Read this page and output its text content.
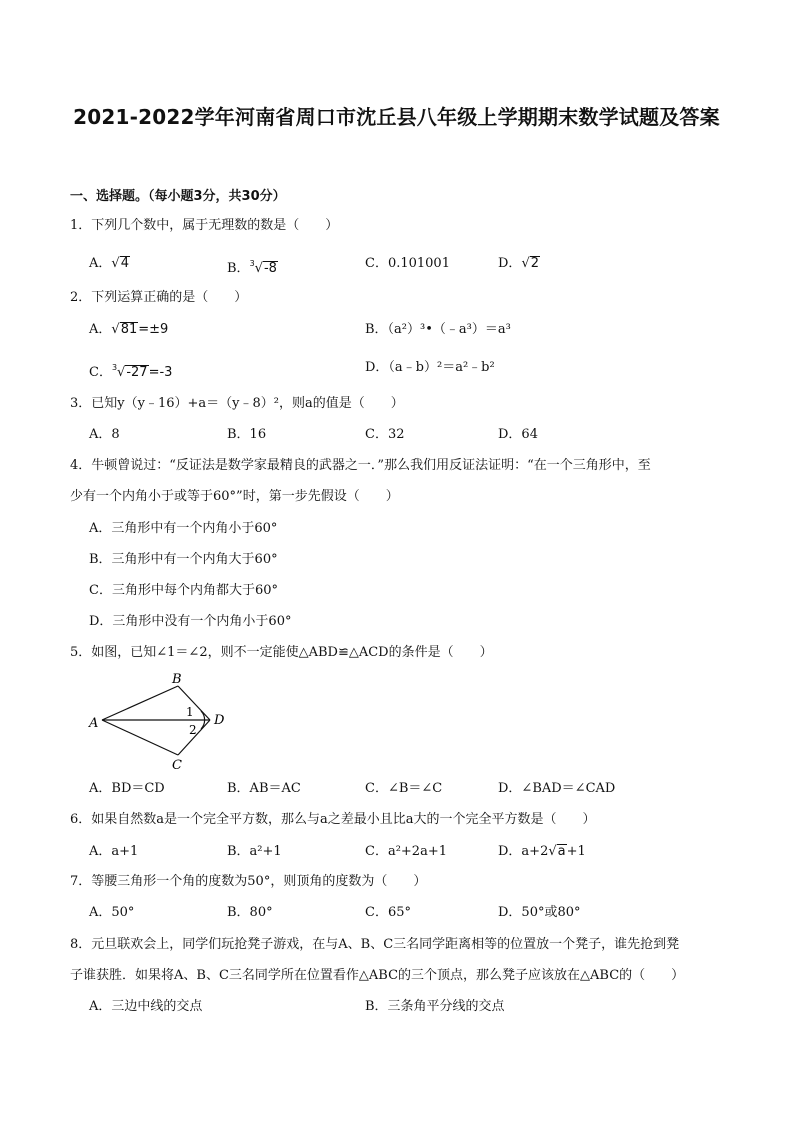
2021-2022学年河南省周口市沈丘县八年级上学期期末数学试题及答案
一、选择题。（每小题3分，共30分）
1．下列几个数中，属于无理数的数是（　　）
A．√4	B．$^3$√-8	C．0.101001	D．√2
2．下列运算正确的是（　　）
A．√81=±9	B．（a²）³•（﹣a³）＝a³
C．$^3$√-27=-3	D．（a﹣b）²＝a²﹣b²
3．已知y（y﹣16）+a＝（y﹣8）²，则a的值是（　　）
A．8	B．16	C．32	D．64
4．牛顿曾说过：“反证法是数学家最精良的武器之一．”那么我们用反证法证明：“在一个三角形中，至
少有一个内角小于或等于60°”时，第一步先假设（　　）
A．三角形中有一个内角小于60°
B．三角形中有一个内角大于60°
C．三角形中每个内角都大于60°
D．三角形中没有一个内角小于60°
5．如图，已知∠1＝∠2，则不一定能使△ABD≌△ACD的条件是（　　）
A
B
C
D
1
2
A．BD＝CD	B．AB＝AC	C．∠B＝∠C	D．∠BAD＝∠CAD
6．如果自然数a是一个完全平方数，那么与a之差最小且比a大的一个完全平方数是（　　）
A．a+1	B．a²+1	C．a²+2a+1	D．a+2√a+1
7．等腰三角形一个角的度数为50°，则顶角的度数为（　　）
A．50°	B．80°	C．65°	D．50°或80°
8．元旦联欢会上，同学们玩抢凳子游戏，在与A、B、C三名同学距离相等的位置放一个凳子，谁先抢到凳
子谁获胜．如果将A、B、C三名同学所在位置看作△ABC的三个顶点，那么凳子应该放在△ABC的（　　）
A．三边中线的交点	B．三条角平分线的交点
